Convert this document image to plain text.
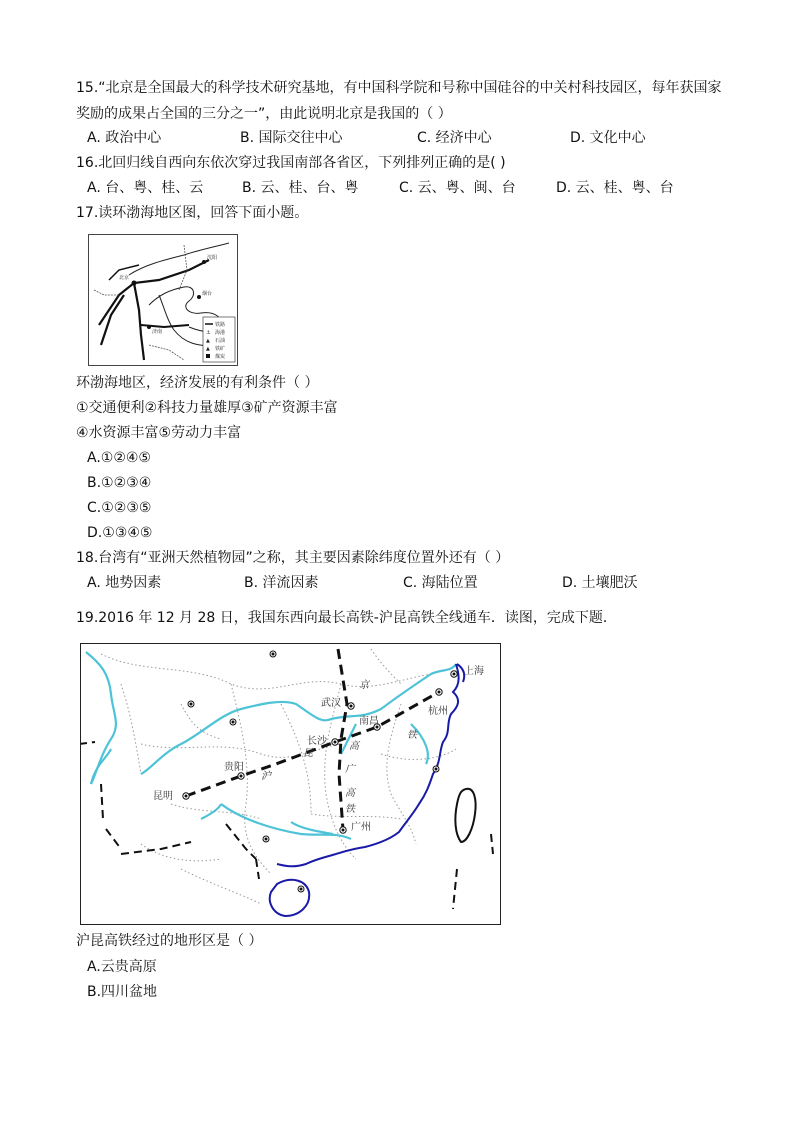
15.“北京是全国最大的科学技术研究基地，有中国科学院和号称中国硅谷的中关村科技园区，每年获国家
奖励的成果占全国的三分之一”，由此说明北京是我国的（ ）
A. 政治中心	B. 国际交往中心	C. 经济中心	D. 文化中心
16.北回归线自西向东依次穿过我国南部各省区，下列排列正确的是( )
A. 台、粤、桂、云	B. 云、桂、台、粤	C. 云、粤、闽、台	D. 云、桂、粤、台
17.读环渤海地区图，回答下面小题。
北京
沈阳
烟台
济南
铁路
⚓ 海港
▲ 石油
▲ 铁矿
煤炭
环渤海地区，经济发展的有利条件（ ）
①交通便利②科技力量雄厚③矿产资源丰富
④水资源丰富⑤劳动力丰富
A.①②④⑤
B.①②③④
C.①②③⑤
D.①③④⑤
18.台湾有“亚洲天然植物园”之称，其主要因素除纬度位置外还有（ ）
A. 地势因素	B. 洋流因素	C. 海陆位置	D. 土壤肥沃
19.2016 年 12 月 28 日，我国东西向最长高铁-沪昆高铁全线通车．读图，完成下题．
上海
武汉
杭州
南昌
长沙
贵阳
昆明
广州
沪
昆
高
铁
京
广
高
铁
沪昆高铁经过的地形区是（ ）
A.云贵高原
B.四川盆地
